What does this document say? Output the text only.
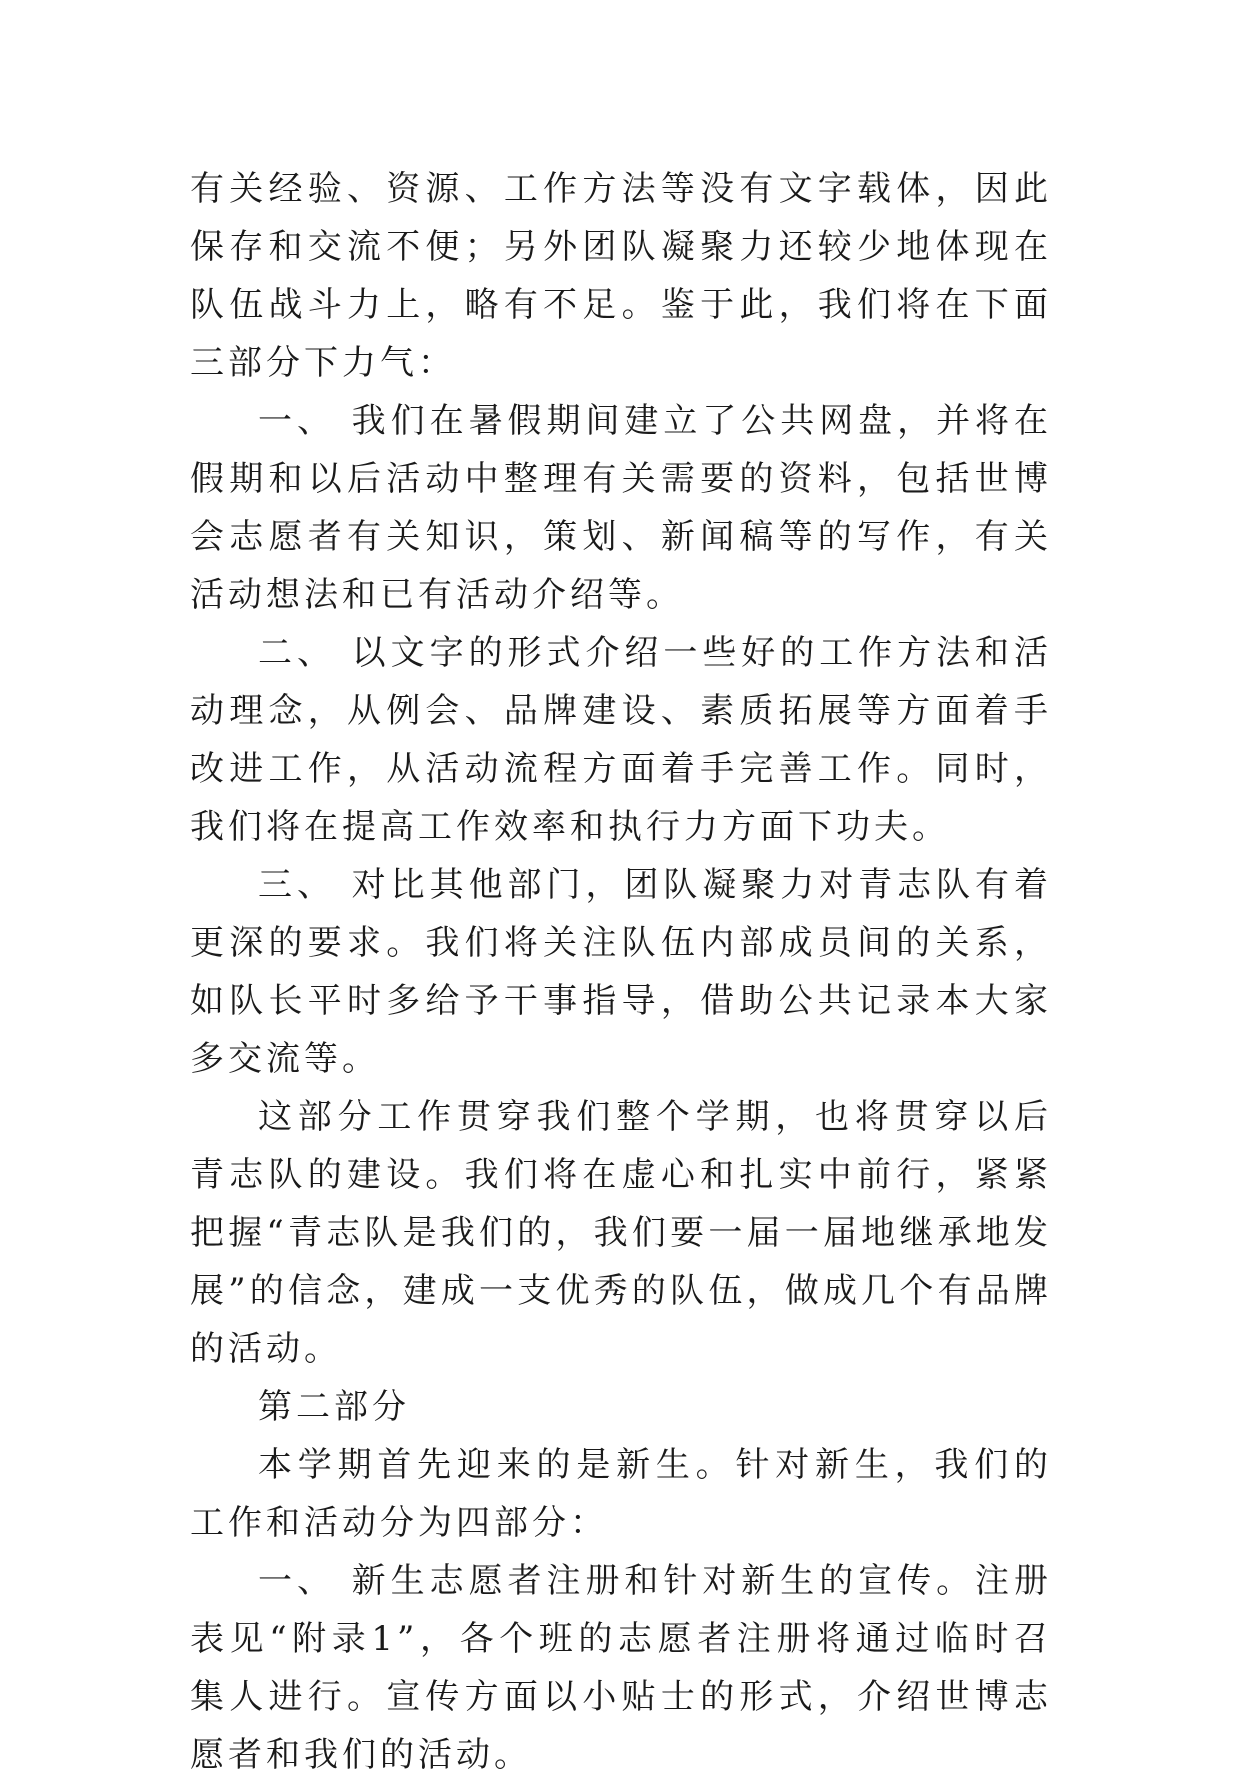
有关经验、资源、工作方法等没有文字载体，因此保存和交流不便；另外团队凝聚力还较少地体现在队伍战斗力上，略有不足。鉴于此，我们将在下面三部分下力气：

一、 我们在暑假期间建立了公共网盘，并将在假期和以后活动中整理有关需要的资料，包括世博会志愿者有关知识，策划、新闻稿等的写作，有关活动想法和已有活动介绍等。

二、 以文字的形式介绍一些好的工作方法和活动理念，从例会、品牌建设、素质拓展等方面着手改进工作，从活动流程方面着手完善工作。同时，我们将在提高工作效率和执行力方面下功夫。

三、 对比其他部门，团队凝聚力对青志队有着更深的要求。我们将关注队伍内部成员间的关系，如队长平时多给予干事指导，借助公共记录本大家多交流等。

这部分工作贯穿我们整个学期，也将贯穿以后青志队的建设。我们将在虚心和扎实中前行，紧紧把握“青志队是我们的，我们要一届一届地继承地发展”的信念，建成一支优秀的队伍，做成几个有品牌的活动。

第二部分

本学期首先迎来的是新生。针对新生，我们的工作和活动分为四部分：

一、 新生志愿者注册和针对新生的宣传。注册表见“附录1”，各个班的志愿者注册将通过临时召集人进行。宣传方面以小贴士的形式，介绍世博志愿者和我们的活动。
